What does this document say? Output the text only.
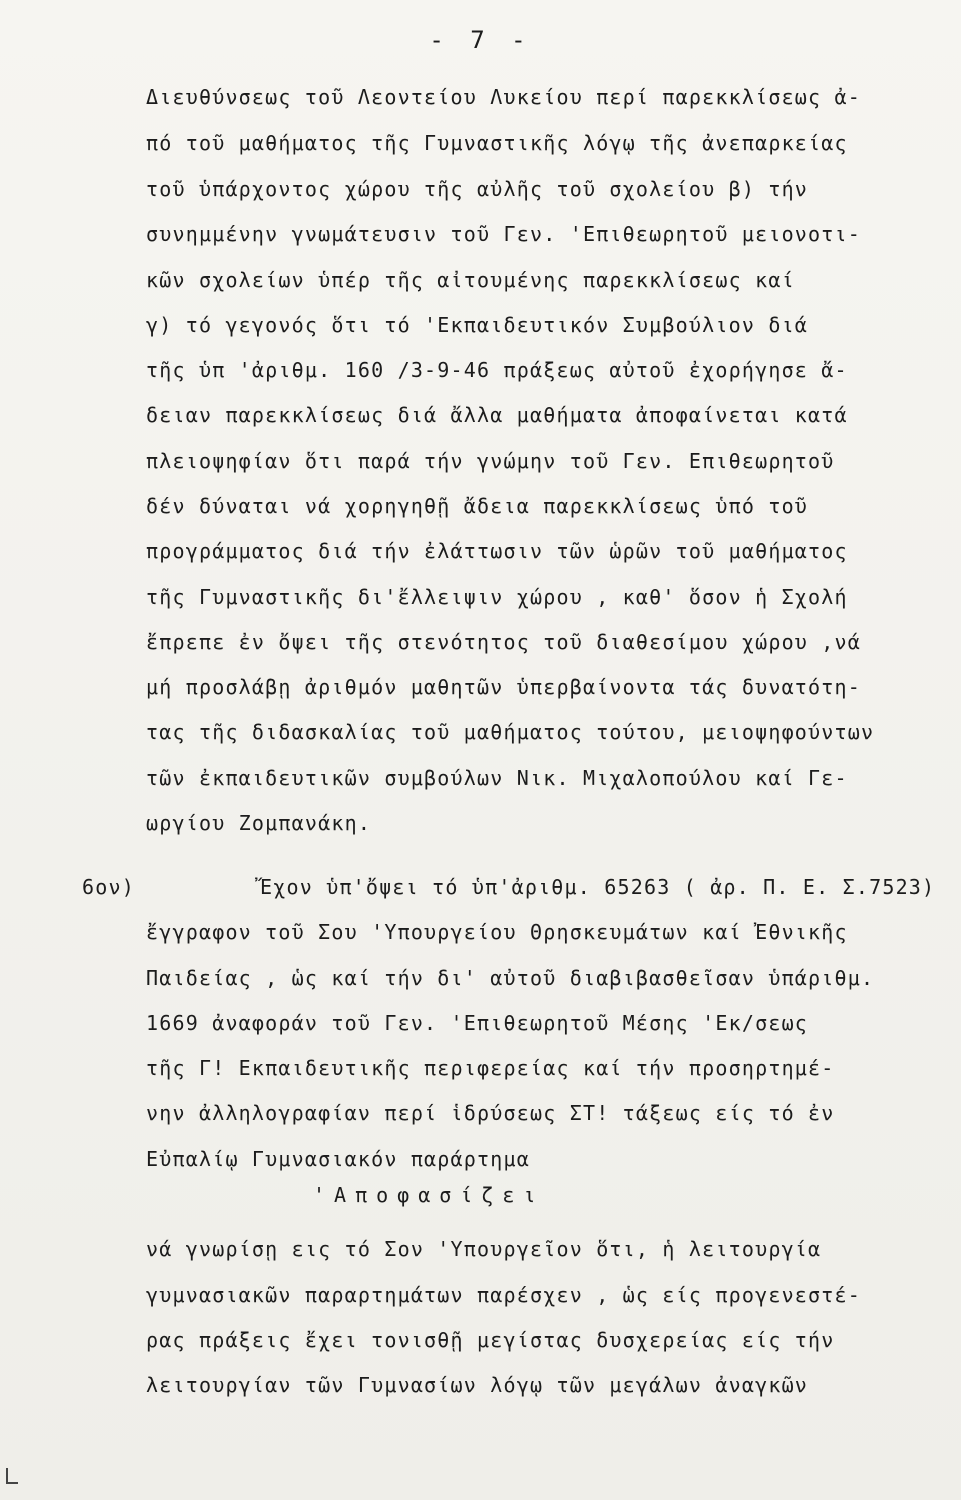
- 7 -
Διευθύνσεως τοῦ Λεοντείου Λυκείου περί παρεκκλίσεως ἀ-
πό τοῦ μαθήματος τῆς Γυμναστικῆς λόγῳ τῆς ἀνεπαρκείας
τοῦ ὑπάρχοντος χώρου τῆς αὐλῆς τοῦ σχολείου β) τήν
συνημμένην γνωμάτευσιν τοῦ Γεν. 'Επιθεωρητοῦ μειονοτι-
κῶν σχολείων ὑπέρ τῆς αἰτουμένης παρεκκλίσεως καί
γ) τό γεγονός ὅτι τό 'Εκπαιδευτικόν Συμβούλιον διά
τῆς ὑπ 'ἀριθμ. 160 /3-9-46 πράξεως αὐτοῦ ἐχορήγησε ἄ-
δειαν παρεκκλίσεως διά ἄλλα μαθήματα ἀποφαίνεται κατά
πλειοψηφίαν ὅτι παρά τήν γνώμην τοῦ Γεν. Επιθεωρητοῦ
δέν δύναται νά χορηγηθῇ ἄδεια παρεκκλίσεως ὑπό τοῦ
προγράμματος διά τήν ἐλάττωσιν τῶν ὡρῶν τοῦ μαθήματος
τῆς Γυμναστικῆς δι'ἔλλειψιν χώρου , καθ' ὅσον ἡ Σχολή
ἔπρεπε ἐν ὄψει τῆς στενότητος τοῦ διαθεσίμου χώρου ,νά
μή προσλάβῃ ἀριθμόν μαθητῶν ὑπερβαίνοντα τάς δυνατότη-
τας τῆς διδασκαλίας τοῦ μαθήματος τούτου, μειοψηφούντων
τῶν ἐκπαιδευτικῶν συμβούλων Νικ. Μιχαλοπούλου καί Γε-
ωργίου Ζομπανάκη.
6ον)	Ἔχον ὑπ'ὄψει τό ὑπ'ἀριθμ. 65263 ( ἀρ. Π. Ε. Σ.7523)
ἔγγραφον τοῦ Σου 'Υπουργείου Θρησκευμάτων καί Ἐθνικῆς
Παιδείας , ὡς καί τήν δι' αὐτοῦ διαβιβασθεῖσαν ὑπάριθμ.
1669 ἀναφοράν τοῦ Γεν. 'Επιθεωρητοῦ Μέσης 'Εκ/σεως
τῆς Γ! Εκπαιδευτικῆς περιφερείας καί τήν προσηρτημέ-
νην ἀλληλογραφίαν περί ἱδρύσεως ΣΤ! τάξεως είς τό ἐν
Εὐπαλίῳ Γυμνασιακόν παράρτημα
'Αποφασίζει
νά γνωρίσῃ εις τό Σον 'Υπουργεῖον ὅτι, ἡ λειτουργία
γυμνασιακῶν παραρτημάτων παρέσχεν , ὡς είς προγενεστέ-
ρας πράξεις ἔχει τονισθῇ μεγίστας δυσχερείας είς τήν
λειτουργίαν τῶν Γυμνασίων λόγῳ τῶν μεγάλων ἀναγκῶν
